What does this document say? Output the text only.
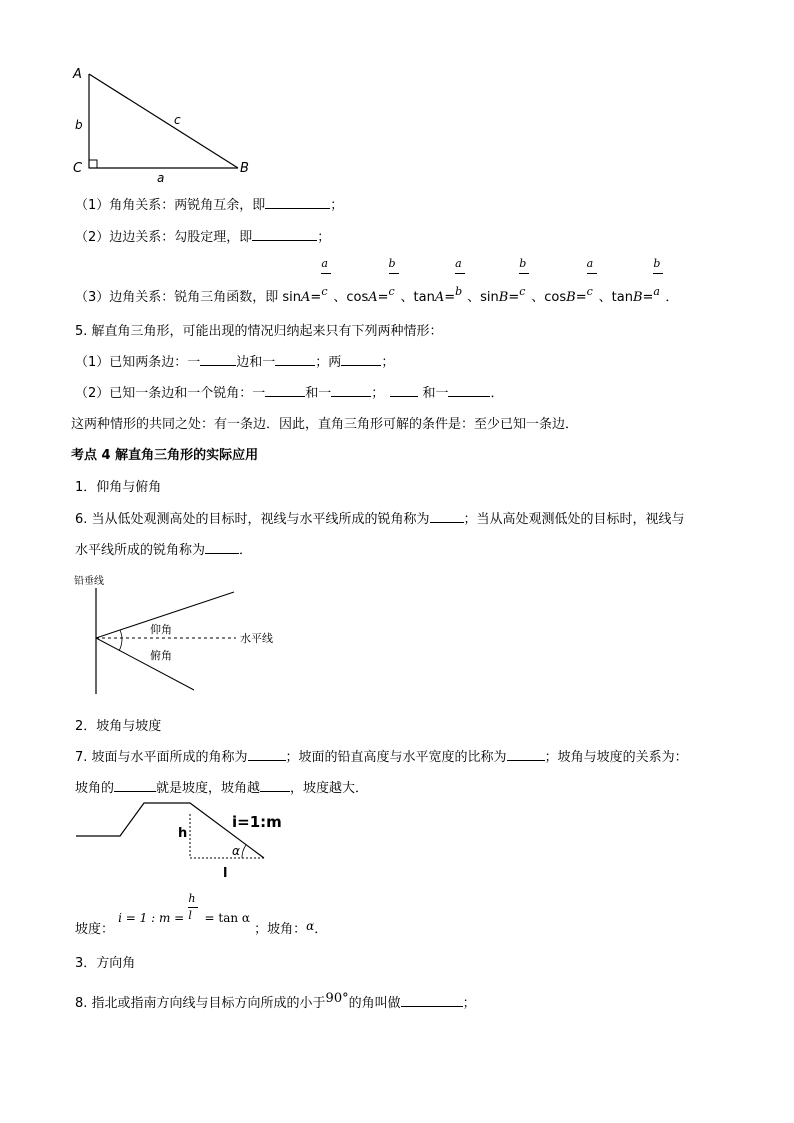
A
C	B
b	c
a
（1）角角关系：两锐角互余，即	；
（2）边边关系：勾股定理，即	；
（3）边角关系：锐角三角函数，即 $\sin A= \frac{a}{c}$ 、$\cos A= \frac{b}{c}$ 、$\tan A= \frac{a}{b}$ 、$\sin B= \frac{b}{c}$ 、$\cos B= \frac{a}{c}$ 、$\tan B= \frac{b}{a}$ ．
5. 解直角三角形，可能出现的情况归纳起来只有下列两种情形：
（1）已知两条边：一	边和一	；两	；
（2）已知一条边和一个锐角：一	和一	；	和一	．
这两种情形的共同之处：有一条边．因此，直角三角形可解的条件是：至少已知一条边．
考点 4 解直角三角形的实际应用
1．仰角与俯角
6. 当从低处观测高处的目标时，视线与水平线所成的锐角称为	；当从高处观测低处的目标时，视线与
水平线所成的锐角称为	．
铅垂线
仰角
俯角
水平线
2．坡角与坡度
7. 坡面与水平面所成的角称为	；坡面的铅直高度与水平宽度的比称为	；坡角与坡度的关系为：
坡角的	就是坡度，坡角越 ，坡度越大．
i=1:m
h
α
l
坡度： i = 1 : $m = \frac{h}{l} = \tan \alpha$ ；坡角：α．
3．方向角
8. 指北或指南方向线与目标方向所成的小于90°的角叫做	；
